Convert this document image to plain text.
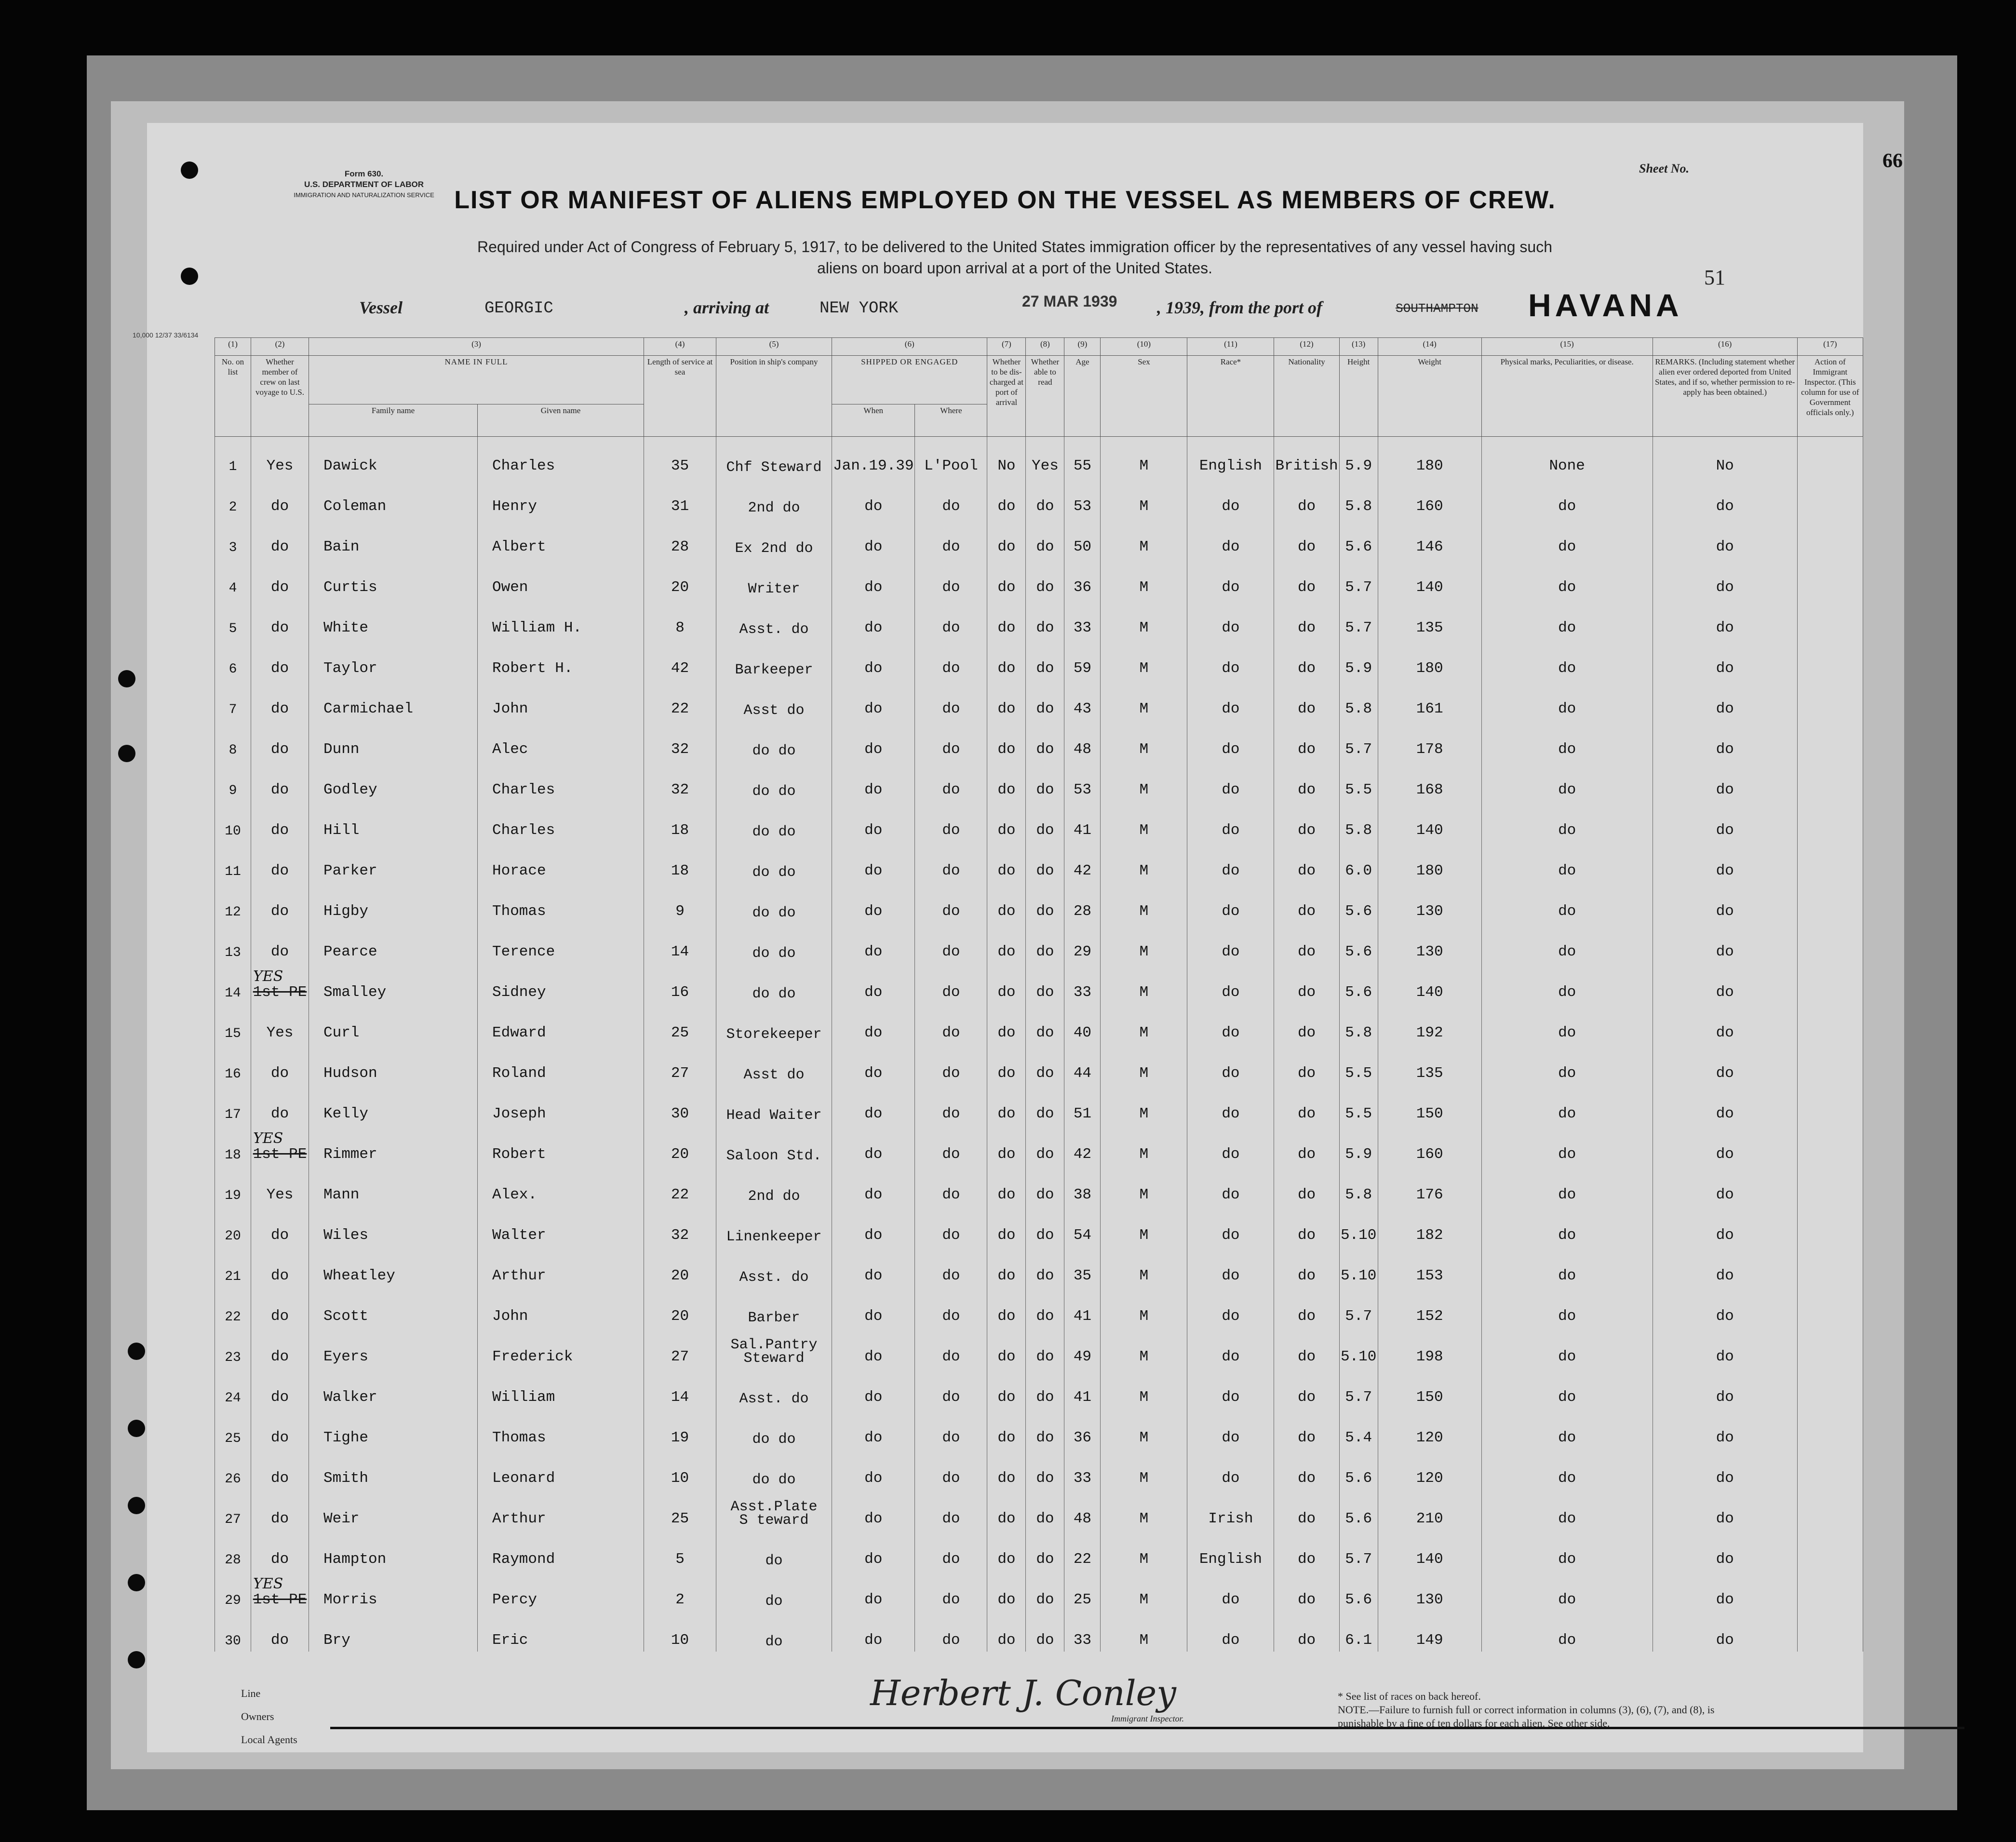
66
Form 630.
U.S. DEPARTMENT OF LABOR
IMMIGRATION AND NATURALIZATION SERVICE
Sheet No.
LIST OR MANIFEST OF ALIENS EMPLOYED ON THE VESSEL AS MEMBERS OF CREW.
Required under Act of Congress of February 5, 1917, to be delivered to the United States immigration officer by the representatives of any vessel having such
aliens on board upon arrival at a port of the United States.	51
Vessel	GEORGIC	, arriving at	NEW YORK	27 MAR 1939 , 1939, from the port of	SOUTHAMPTON HAVANA
10,000 12/37 33/6134
(1)	(2)	(3)		(4)	(5)	(6)		(7)	(8)	(9)	(10)	(11)	(12)	(13)	(14)	(15)	(16)	(17)
No. on list	Whether member of crew on last voyage to U.S.	NAME IN FULL		Length of service at sea	Position in ship's company	SHIPPED OR ENGAGED		Whether to be dis-charged at port of arrival	Whether able to read	Age	Sex	Race*	Nationality	Height	Weight	Physical marks, Peculiarities, or disease.	REMARKS. (Including statement whether alien ever ordered deported from United States, and if so, whether permission to re-apply has been obtained.)	Action of Immigrant Inspector. (This column for use of Government officials only.)
		Family name	Given name			When	Where											
1	Yes	Dawick	Charles	35	Chf Steward	Jan.19.39	L'Pool	No	Yes	55	M	English	British	5.9	180	None	No	
2	do	Coleman	Henry	31	2nd do	do	do	do	do	53	M	do	do	5.8	160	do	do	
3	do	Bain	Albert	28	Ex 2nd do	do	do	do	do	50	M	do	do	5.6	146	do	do	
4	do	Curtis	Owen	20	Writer	do	do	do	do	36	M	do	do	5.7	140	do	do	
5	do	White	William H.	8	Asst. do	do	do	do	do	33	M	do	do	5.7	135	do	do	
6	do	Taylor	Robert H.	42	Barkeeper	do	do	do	do	59	M	do	do	5.9	180	do	do	
7	do	Carmichael	John	22	Asst do	do	do	do	do	43	M	do	do	5.8	161	do	do	
8	do	Dunn	Alec	32	do do	do	do	do	do	48	M	do	do	5.7	178	do	do	
9	do	Godley	Charles	32	do do	do	do	do	do	53	M	do	do	5.5	168	do	do	
10	do	Hill	Charles	18	do do	do	do	do	do	41	M	do	do	5.8	140	do	do	
11	do	Parker	Horace	18	do do	do	do	do	do	42	M	do	do	6.0	180	do	do	
12	do	Higby	Thomas	9	do do	do	do	do	do	28	M	do	do	5.6	130	do	do	
13	do	Pearce	Terence	14	do do	do	do	do	do	29	M	do	do	5.6	130	do	do	
14	YES
1st PE	Smalley	Sidney	16	do do	do	do	do	do	33	M	do	do	5.6	140	do	do	
15	Yes	Curl	Edward	25	Storekeeper	do	do	do	do	40	M	do	do	5.8	192	do	do	
16	do	Hudson	Roland	27	Asst do	do	do	do	do	44	M	do	do	5.5	135	do	do	
17	do	Kelly	Joseph	30	Head Waiter	do	do	do	do	51	M	do	do	5.5	150	do	do	
18	YES
1st PE	Rimmer	Robert	20	Saloon Std.	do	do	do	do	42	M	do	do	5.9	160	do	do	
19	Yes	Mann	Alex.	22	2nd do	do	do	do	do	38	M	do	do	5.8	176	do	do	
20	do	Wiles	Walter	32	Linenkeeper	do	do	do	do	54	M	do	do	5.10	182	do	do	
21	do	Wheatley	Arthur	20	Asst. do	do	do	do	do	35	M	do	do	5.10	153	do	do	
22	do	Scott	John	20	Barber	do	do	do	do	41	M	do	do	5.7	152	do	do	
23	do	Eyers	Frederick	27	Sal.Pantry
Steward	do	do	do	do	49	M	do	do	5.10	198	do	do	
24	do	Walker	William	14	Asst. do	do	do	do	do	41	M	do	do	5.7	150	do	do	
25	do	Tighe	Thomas	19	do do	do	do	do	do	36	M	do	do	5.4	120	do	do	
26	do	Smith	Leonard	10	do do	do	do	do	do	33	M	do	do	5.6	120	do	do	
27	do	Weir	Arthur	25	Asst.Plate
S teward	do	do	do	do	48	M	Irish	do	5.6	210	do	do	
28	do	Hampton	Raymond	5	do	do	do	do	do	22	M	English	do	5.7	140	do	do	
29	YES
1st PE	Morris	Percy	2	do	do	do	do	do	25	M	do	do	5.6	130	do	do	
30	do	Bry	Eric	10	do	do	do	do	do	33	M	do	do	6.1	149	do	do	
Line
Owners
Local Agents
Herbert J. Conley
Immigrant Inspector.
* See list of races on back hereof.
NOTE.—Failure to furnish full or correct information in columns (3), (6), (7), and (8), is punishable by a fine of ten dollars for each alien. See other side.
